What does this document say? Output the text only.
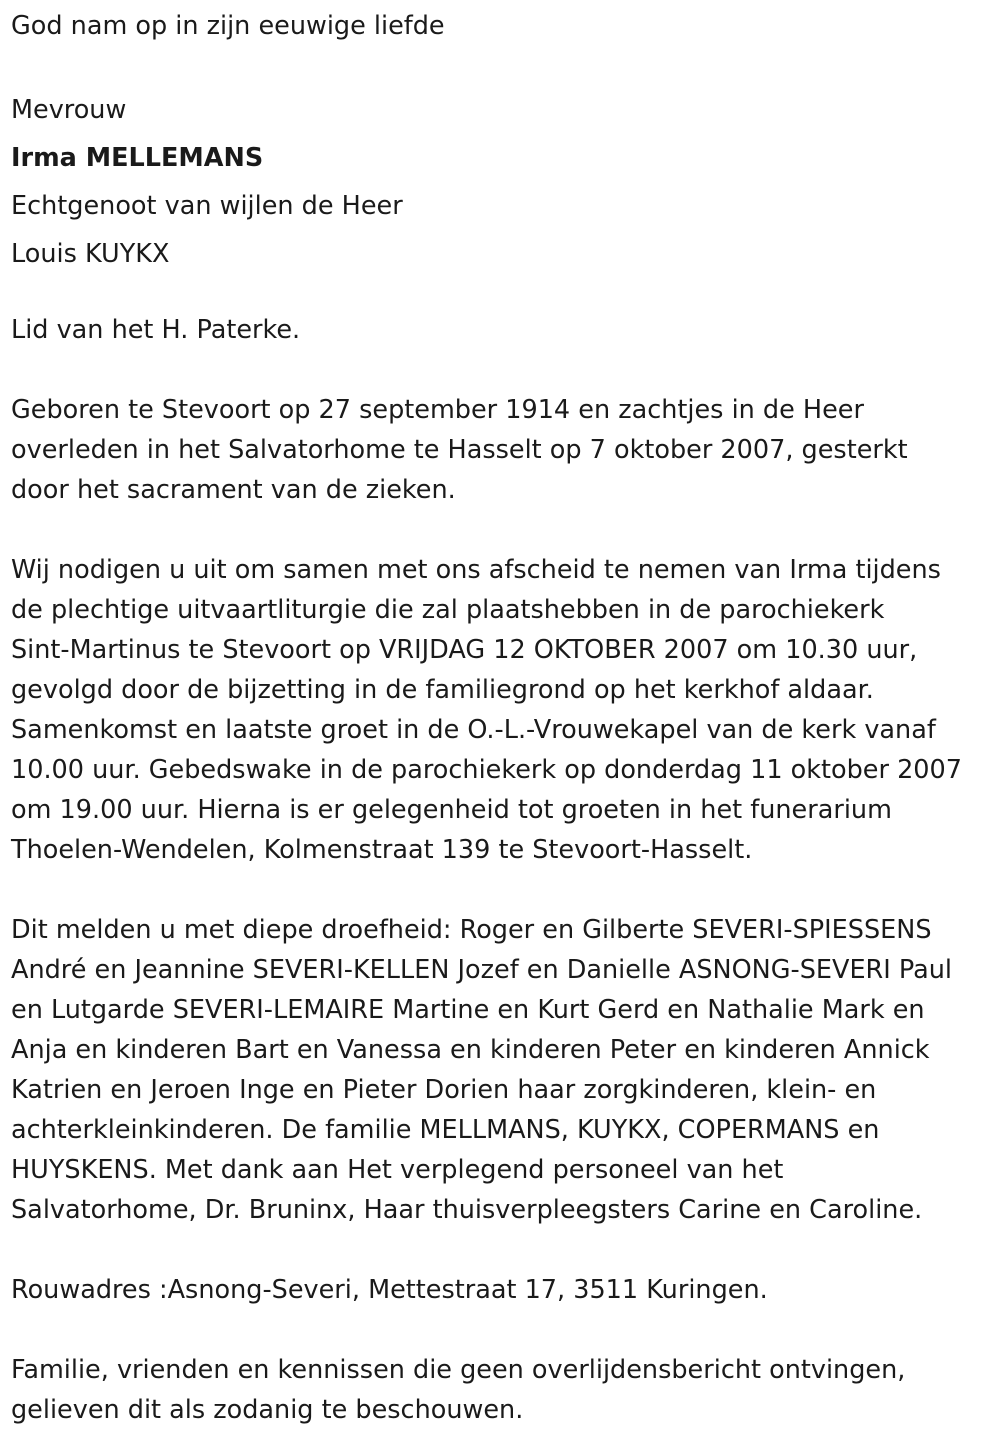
God nam op in zijn eeuwige liefde

Mevrouw

Irma MELLEMANS

Echtgenoot van wijlen de Heer

Louis KUYKX

Lid van het H. Paterke.

Geboren te Stevoort op 27 september 1914 en zachtjes in de Heer
overleden in het Salvatorhome te Hasselt op 7 oktober 2007, gesterkt
door het sacrament van de zieken.

Wij nodigen u uit om samen met ons afscheid te nemen van Irma tijdens
de plechtige uitvaartliturgie die zal plaatshebben in de parochiekerk
Sint-Martinus te Stevoort op VRIJDAG 12 OKTOBER 2007 om 10.30 uur,
gevolgd door de bijzetting in de familiegrond op het kerkhof aldaar.
Samenkomst en laatste groet in de O.-L.-Vrouwekapel van de kerk vanaf
10.00 uur. Gebedswake in de parochiekerk op donderdag 11 oktober 2007
om 19.00 uur. Hierna is er gelegenheid tot groeten in het funerarium
Thoelen-Wendelen, Kolmenstraat 139 te Stevoort-Hasselt.

Dit melden u met diepe droefheid: Roger en Gilberte SEVERI-SPIESSENS
André en Jeannine SEVERI-KELLEN Jozef en Danielle ASNONG-SEVERI Paul
en Lutgarde SEVERI-LEMAIRE Martine en Kurt Gerd en Nathalie Mark en
Anja en kinderen Bart en Vanessa en kinderen Peter en kinderen Annick
Katrien en Jeroen Inge en Pieter Dorien haar zorgkinderen, klein- en
achterkleinkinderen. De familie MELLMANS, KUYKX, COPERMANS en
HUYSKENS. Met dank aan Het verplegend personeel van het
Salvatorhome, Dr. Bruninx, Haar thuisverpleegsters Carine en Caroline.

Rouwadres :Asnong-Severi, Mettestraat 17, 3511 Kuringen.

Familie, vrienden en kennissen die geen overlijdensbericht ontvingen,
gelieven dit als zodanig te beschouwen.
